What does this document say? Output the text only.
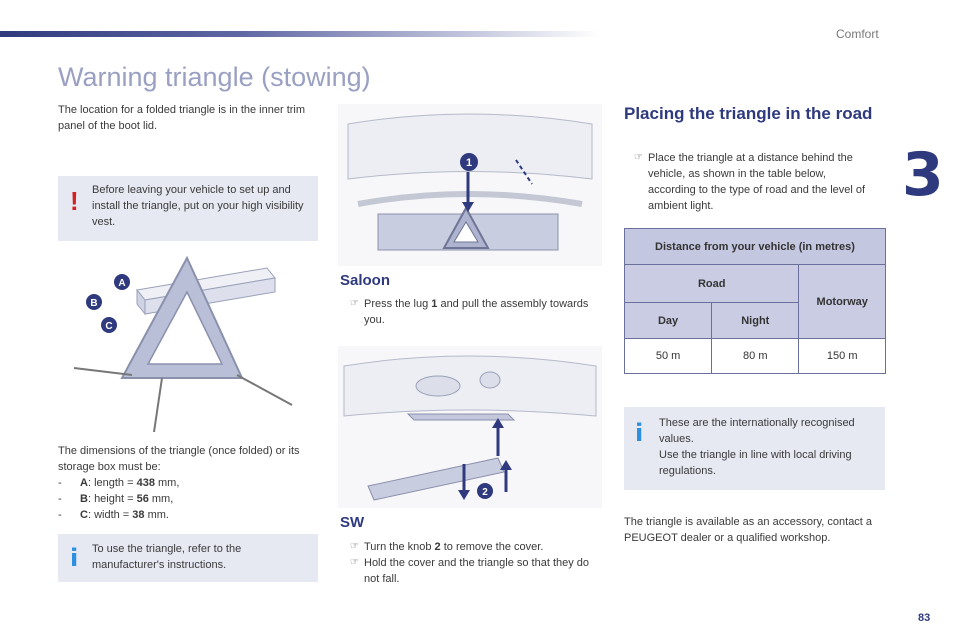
Comfort
3
Warning triangle (stowing)
The location for a folded triangle is in the inner trim panel of the boot lid.
! Before leaving your vehicle to set up and install the triangle, put on your high visibility vest.
A
B
C
The dimensions of the triangle (once folded) or its storage box must be:
- A: length = 438 mm,
- B: height = 56 mm,
- C: width = 38 mm.
i To use the triangle, refer to the manufacturer's instructions.
1
Saloon
☞ Press the lug 1 and pull the assembly towards you.
2
SW
☞ Turn the knob 2 to remove the cover.
☞ Hold the cover and the triangle so that they do not fall.
Placing the triangle in the road
☞ Place the triangle at a distance behind the vehicle, as shown in the table below, according to the type of road and the level of ambient light.
Distance from your vehicle (in metres)		
Road		Motorway
Day	Night	
50 m	80 m	150 m
i These are the internationally recognised values.
Use the triangle in line with local driving regulations.
The triangle is available as an accessory, contact a PEUGEOT dealer or a qualified workshop.
83
